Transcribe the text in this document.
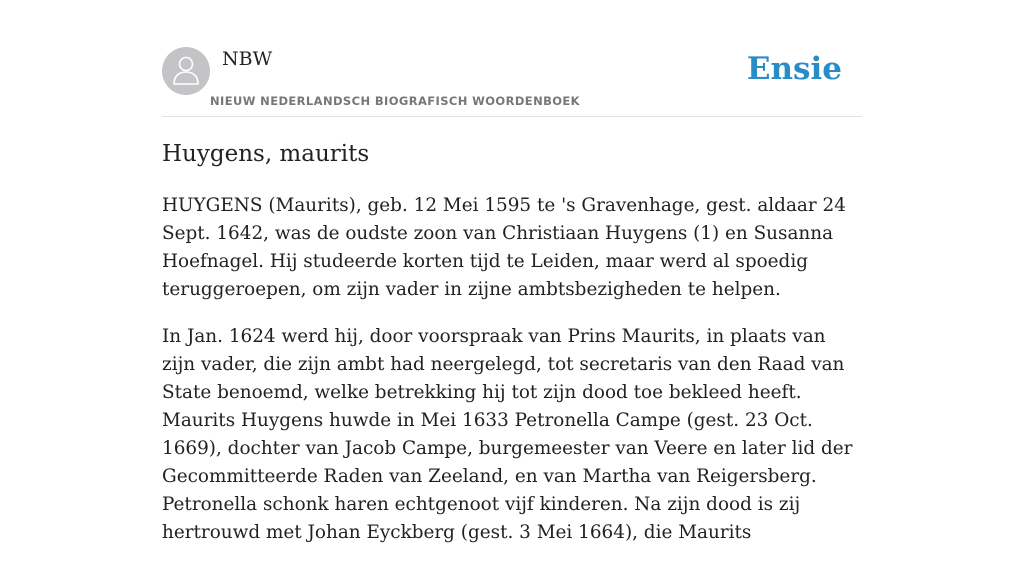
NBW
NIEUW NEDERLANDSCH BIOGRAFISCH WOORDENBOEK
Ensie
Huygens, maurits

HUYGENS (Maurits), geb. 12 Mei 1595 te 's Gravenhage, gest. aldaar 24 Sept. 1642, was de oudste zoon van Christiaan Huygens (1) en Susanna Hoefnagel. Hij studeerde korten tijd te Leiden, maar werd al spoedig teruggeroepen, om zijn vader in zijne ambtsbezigheden te helpen.

In Jan. 1624 werd hij, door voorspraak van Prins Maurits, in plaats van zijn vader, die zijn ambt had neergelegd, tot secretaris van den Raad van State benoemd, welke betrekking hij tot zijn dood toe bekleed heeft. Maurits Huygens huwde in Mei 1633 Petronella Campe (gest. 23 Oct. 1669), dochter van Jacob Campe, burgemeester van Veere en later lid der Gecommitteerde Raden van Zeeland, en van Martha van Reigersberg. Petronella schonk haren echtgenoot vijf kinderen. Na zijn dood is zij hertrouwd met Johan Eyckberg (gest. 3 Mei 1664), die Maurits
